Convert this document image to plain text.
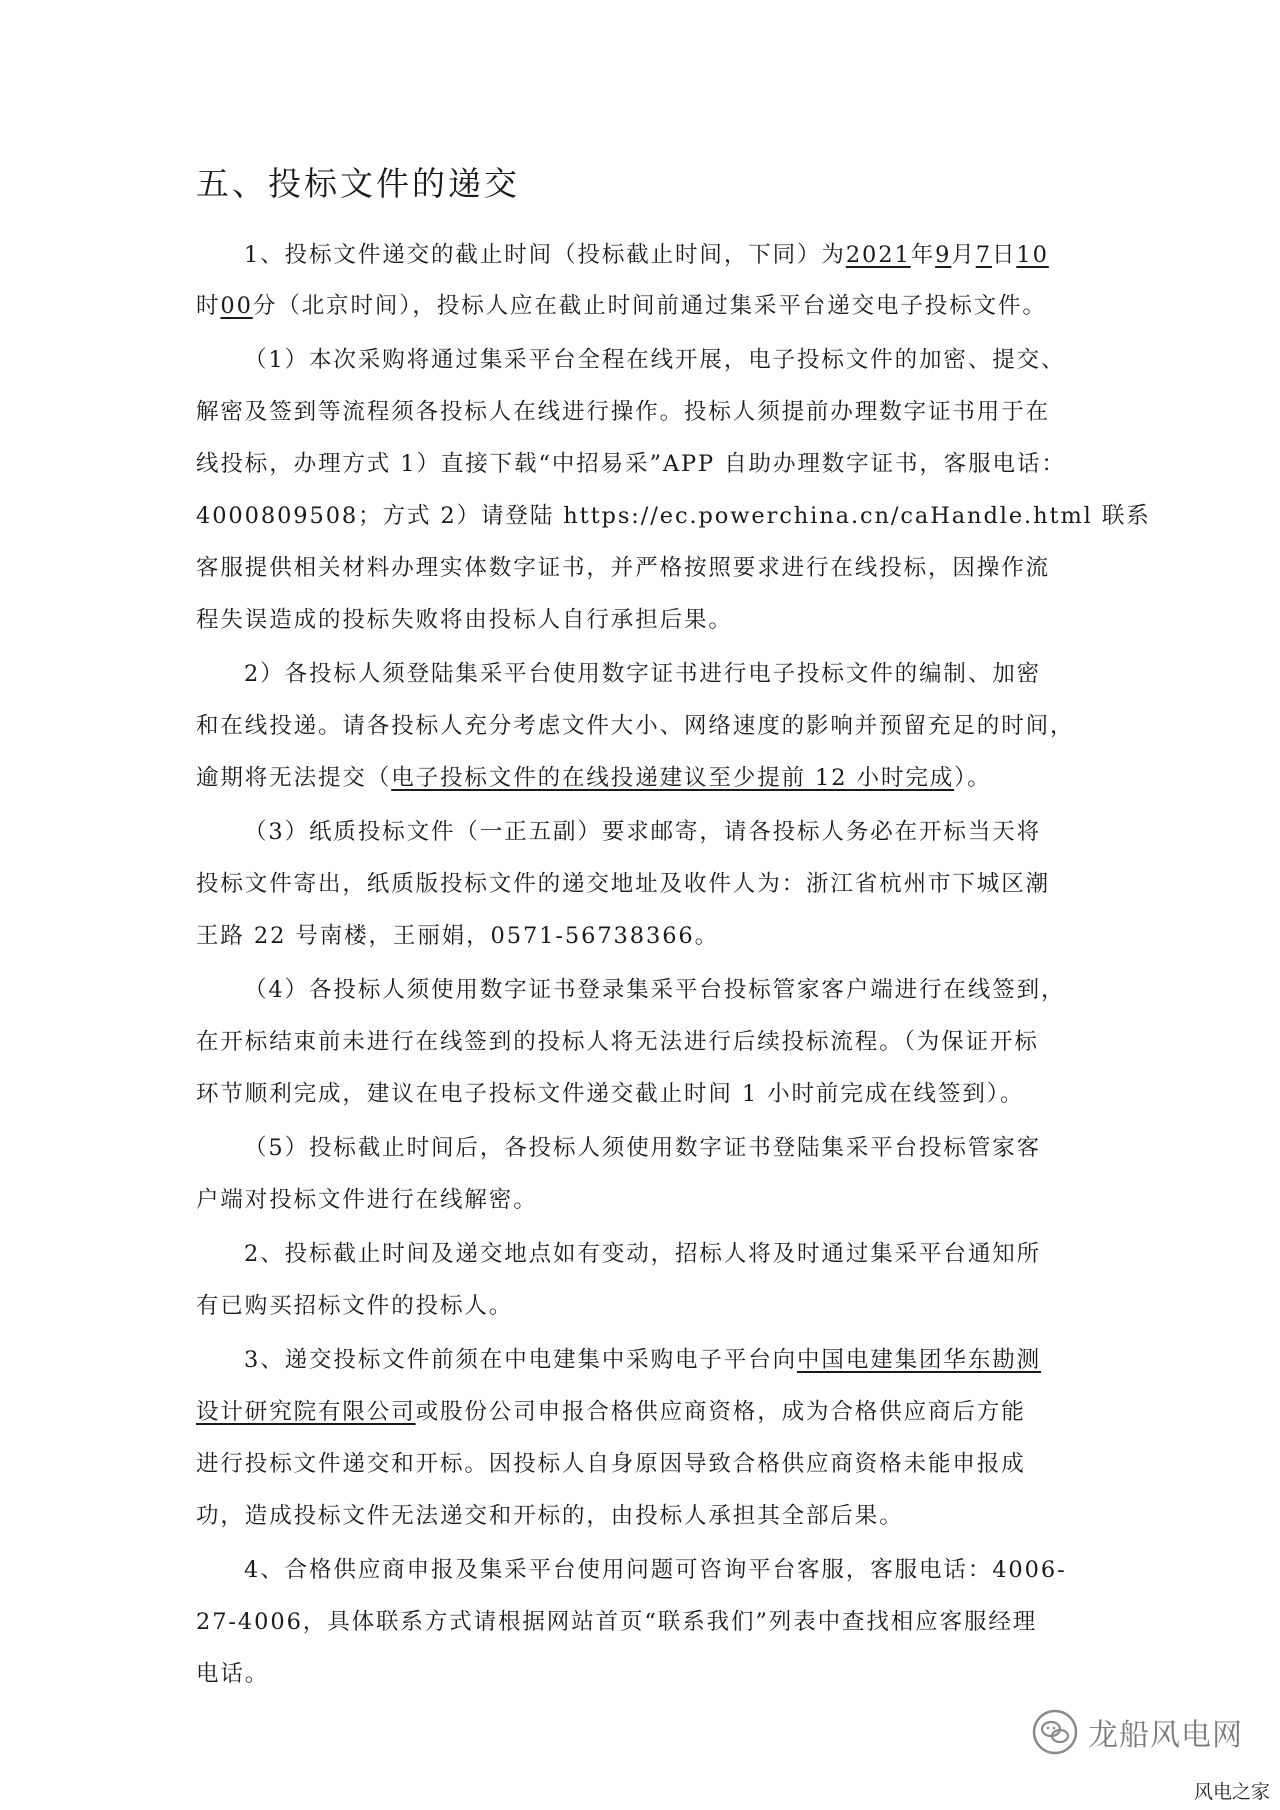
五、投标文件的递交
1、投标文件递交的截止时间（投标截止时间，下同）为2021年9月7日10
时00分（北京时间），投标人应在截止时间前通过集采平台递交电子投标文件。
（1）本次采购将通过集采平台全程在线开展，电子投标文件的加密、提交、
解密及签到等流程须各投标人在线进行操作。投标人须提前办理数字证书用于在
线投标，办理方式 1）直接下载“中招易采”APP 自助办理数字证书，客服电话：
4000809508；方式 2）请登陆 https://ec.powerchina.cn/caHandle.html 联系
客服提供相关材料办理实体数字证书，并严格按照要求进行在线投标，因操作流
程失误造成的投标失败将由投标人自行承担后果。
2）各投标人须登陆集采平台使用数字证书进行电子投标文件的编制、加密
和在线投递。请各投标人充分考虑文件大小、网络速度的影响并预留充足的时间，
逾期将无法提交（电子投标文件的在线投递建议至少提前 12 小时完成）。
（3）纸质投标文件（一正五副）要求邮寄，请各投标人务必在开标当天将
投标文件寄出，纸质版投标文件的递交地址及收件人为：浙江省杭州市下城区潮
王路 22 号南楼，王丽娟，0571-56738366。
（4）各投标人须使用数字证书登录集采平台投标管家客户端进行在线签到，
在开标结束前未进行在线签到的投标人将无法进行后续投标流程。（为保证开标
环节顺利完成，建议在电子投标文件递交截止时间 1 小时前完成在线签到）。
（5）投标截止时间后，各投标人须使用数字证书登陆集采平台投标管家客
户端对投标文件进行在线解密。
2、投标截止时间及递交地点如有变动，招标人将及时通过集采平台通知所
有已购买招标文件的投标人。
3、递交投标文件前须在中电建集中采购电子平台向中国电建集团华东勘测
设计研究院有限公司或股份公司申报合格供应商资格，成为合格供应商后方能
进行投标文件递交和开标。因投标人自身原因导致合格供应商资格未能申报成
功，造成投标文件无法递交和开标的，由投标人承担其全部后果。
4、合格供应商申报及集采平台使用问题可咨询平台客服，客服电话：4006-
27-4006，具体联系方式请根据网站首页“联系我们”列表中查找相应客服经理
电话。
龙船风电网
风电之家
